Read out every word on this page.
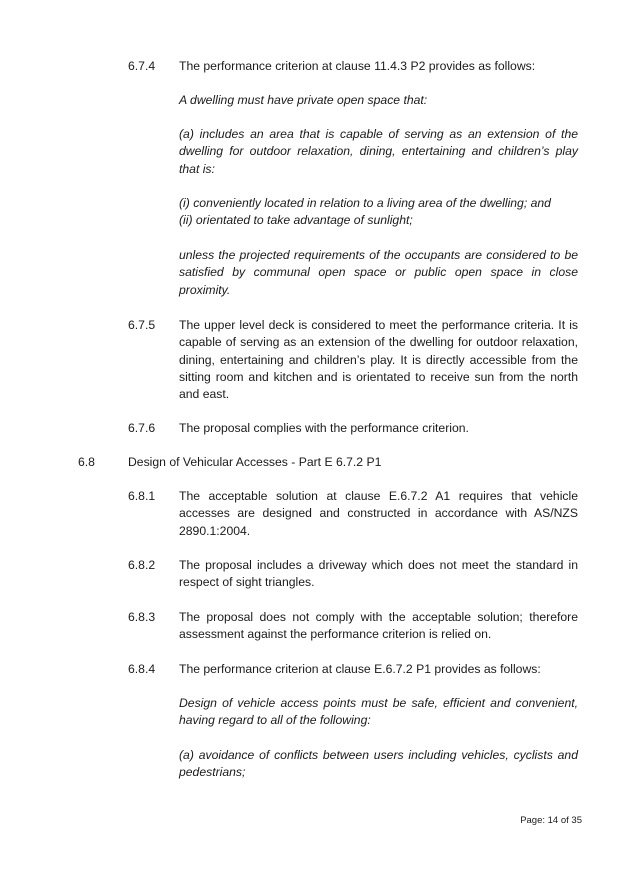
6.7.4	The performance criterion at clause 11.4.3 P2 provides as follows:

A dwelling must have private open space that:

(a) includes an area that is capable of serving as an extension of the dwelling for outdoor relaxation, dining, entertaining and children’s play that is:

(i) conveniently located in relation to a living area of the dwelling; and

(ii) orientated to take advantage of sunlight;

unless the projected requirements of the occupants are considered to be satisfied by communal open space or public open space in close proximity.

6.7.5	The upper level deck is considered to meet the performance criteria. It is capable of serving as an extension of the dwelling for outdoor relaxation, dining, entertaining and children’s play. It is directly accessible from the sitting room and kitchen and is orientated to receive sun from the north and east.

6.7.6	The proposal complies with the performance criterion.

6.8	Design of Vehicular Accesses - Part E 6.7.2 P1
6.8.1	The acceptable solution at clause E.6.7.2 A1 requires that vehicle accesses are designed and constructed in accordance with AS/NZS 2890.1:2004.

6.8.2	The proposal includes a driveway which does not meet the standard in respect of sight triangles.

6.8.3	The proposal does not comply with the acceptable solution; therefore assessment against the performance criterion is relied on.

6.8.4	The performance criterion at clause E.6.7.2 P1 provides as follows:

Design of vehicle access points must be safe, efficient and convenient, having regard to all of the following:

(a) avoidance of conflicts between users including vehicles, cyclists and pedestrians;

Page: 14 of 35
